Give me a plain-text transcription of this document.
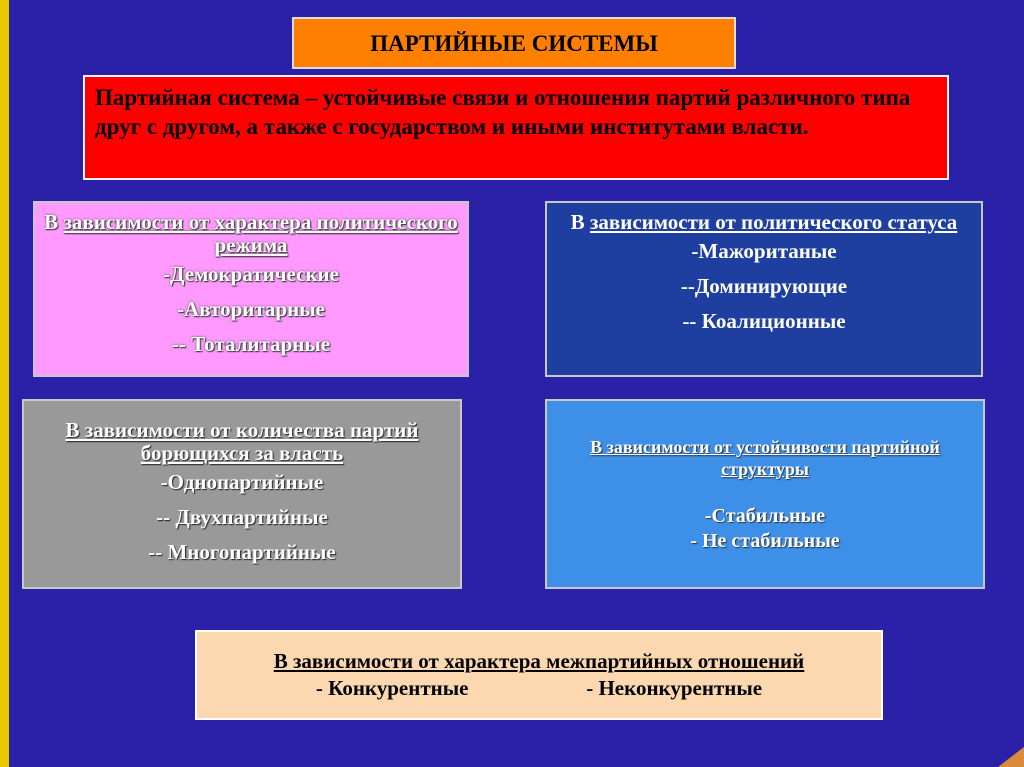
ПАРТИЙНЫЕ СИСТЕМЫ
Партийная система – устойчивые связи и отношения партий различного типа друг с другом, а также с государством и иными институтами власти.
В зависимости от характера политического режима
-Демократические
-Авторитарные
-- Тоталитарные
В зависимости от политического статуса
-Мажоританые
--Доминирующие
-- Коалиционные
В зависимости от количества партий борющихся за власть
-Однопартийные
-- Двухпартийные
-- Многопартийные
В зависимости от устойчивости партийной структуры
-Стабильные
- Не стабильные
В зависимости от характера межпартийных отношений
- Конкурентные	- Неконкурентные
